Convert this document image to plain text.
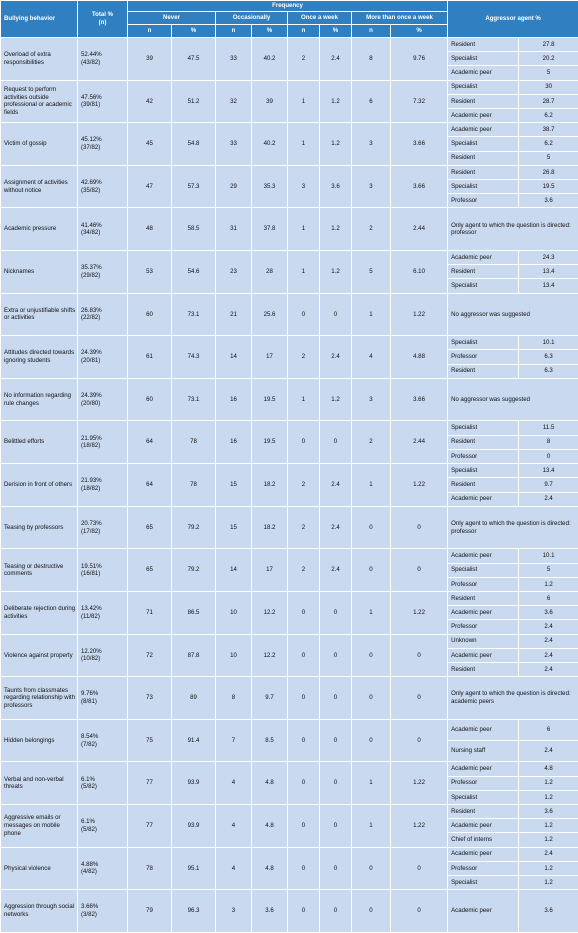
Bullying behavior	Total %
(n)	Frequency								Aggressor agent %	
		Never		Occasionally		Once a week		More than once a week			
		n	%	n	%	n	%	n	%		
Overload of extra responsibilities	52.44%
(43/82)	39	47.5	33	40.2	2	2.4	8	9.76	Resident	27.8
										Specialist	20.2
										Academic peer	5
Request to perform activities outside professional or academic fields	47.56%
(39/81)	42	51.2	32	39	1	1.2	6	7.32	Specialist	30
										Resident	28.7
										Academic peer	6.2
Victim of gossip	45.12%
(37/82)	45	54.8	33	40.2	1	1.2	3	3.66	Academic peer	38.7
										Specialist	6.2
										Resident	5
Assignment of activities without notice	42.69%
(35/82)	47	57.3	29	35.3	3	3.6	3	3.66	Resident	26.8
										Specialist	19.5
										Professor	3.6
Academic pressure	41.46%
(34/82)	48	58.5	31	37.8	1	1.2	2	2.44	Only agent to which the question is directed: professor	
Nicknames	35.37%
(29/82)	53	54.6	23	28	1	1.2	5	6.10	Academic peer	24.3
										Resident	13.4
										Specialist	13.4
Extra or unjustifiable shifts or activities	26.83%
(22/82)	60	73.1	21	25.6	0	0	1	1.22	No aggressor was suggested	
Attitudes directed towards ignoring students	24.39%
(20/81)	61	74.3	14	17	2	2.4	4	4.88	Specialist	10.1
										Professor	6.3
										Resident	6.3
No information regarding rule changes	24.39%
(20/80)	60	73.1	16	19.5	1	1.2	3	3.66	No aggressor was suggested	
Belittled efforts	21.95%
(18/82)	64	78	16	19.5	0	0	2	2.44	Specialist	11.5
										Resident	8
										Professor	0
Derision in front of others	21.93%
(18/82)	64	78	15	18.2	2	2.4	1	1.22	Specialist	13.4
										Resident	9.7
										Academic peer	2.4
Teasing by professors	20.73%
(17/82)	65	79.2	15	18.2	2	2.4	0	0	Only agent to which the question is directed: professor	
Teasing or destructive comments	19.51%
(16/81)	65	79.2	14	17	2	2.4	0	0	Academic peer	10.1
										Specialist	5
										Professor	1.2
Deliberate rejection during activities	13.42%
(11/82)	71	86.5	10	12.2	0	0	1	1.22	Resident	6
										Academic peer	3.6
										Professor	2.4
Violence against property	12.20%
(10/82)	72	87.8	10	12.2	0	0	0	0	Unknown	2.4
										Academic peer	2.4
										Resident	2.4
Taunts from classmates regarding relationship with professors	9.76%
(8/81)	73	89	8	9.7	0	0	0	0	Only agent to which the question is directed: academic peers	
Hidden belongings	8.54%
(7/82)	75	91.4	7	8.5	0	0	0	0	Academic peer	6
										Nursing staff	2.4
Verbal and non-verbal threats	6.1%
(5/82)	77	93.9	4	4.8	0	0	1	1.22	Academic peer	4.8
										Professor	1.2
										Specialist	1.2
Aggressive emails or messages on mobile phone	6.1%
(5/82)	77	93.9	4	4.8	0	0	1	1.22	Resident	3.6
										Academic peer	1.2
										Chief of interns	1.2
Physical violence	4.88%
(4/82)	78	95.1	4	4.8	0	0	0	0	Academic peer	2.4
										Professor	1.2
										Specialist	1.2
Aggression through social networks	3.66%
(3/82)	79	96.3	3	3.6	0	0	0	0	Academic peer	3.6
